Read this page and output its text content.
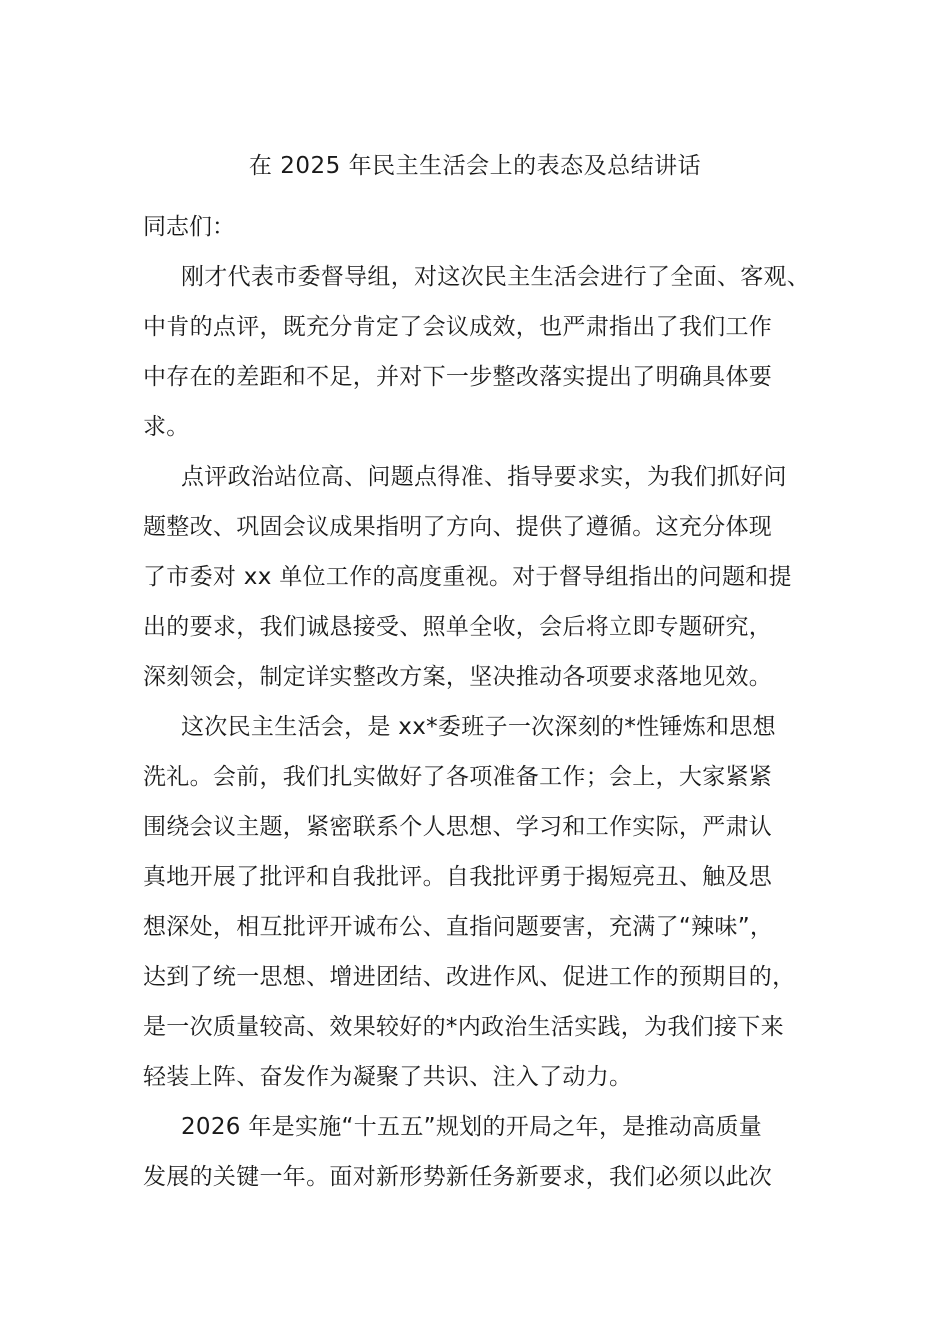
在 2025 年民主生活会上的表态及总结讲话
同志们：
刚才代表市委督导组，对这次民主生活会进行了全面、客观、
中肯的点评，既充分肯定了会议成效，也严肃指出了我们工作
中存在的差距和不足，并对下一步整改落实提出了明确具体要
求。
点评政治站位高、问题点得准、指导要求实，为我们抓好问
题整改、巩固会议成果指明了方向、提供了遵循。这充分体现
了市委对 xx 单位工作的高度重视。对于督导组指出的问题和提
出的要求，我们诚恳接受、照单全收，会后将立即专题研究，
深刻领会，制定详实整改方案，坚决推动各项要求落地见效。
这次民主生活会，是 xx*委班子一次深刻的*性锤炼和思想
洗礼。会前，我们扎实做好了各项准备工作；会上，大家紧紧
围绕会议主题，紧密联系个人思想、学习和工作实际，严肃认
真地开展了批评和自我批评。自我批评勇于揭短亮丑、触及思
想深处，相互批评开诚布公、直指问题要害，充满了“辣味”，
达到了统一思想、增进团结、改进作风、促进工作的预期目的，
是一次质量较高、效果较好的*内政治生活实践，为我们接下来
轻装上阵、奋发作为凝聚了共识、注入了动力。
2026 年是实施“十五五”规划的开局之年，是推动高质量
发展的关键一年。面对新形势新任务新要求，我们必须以此次
